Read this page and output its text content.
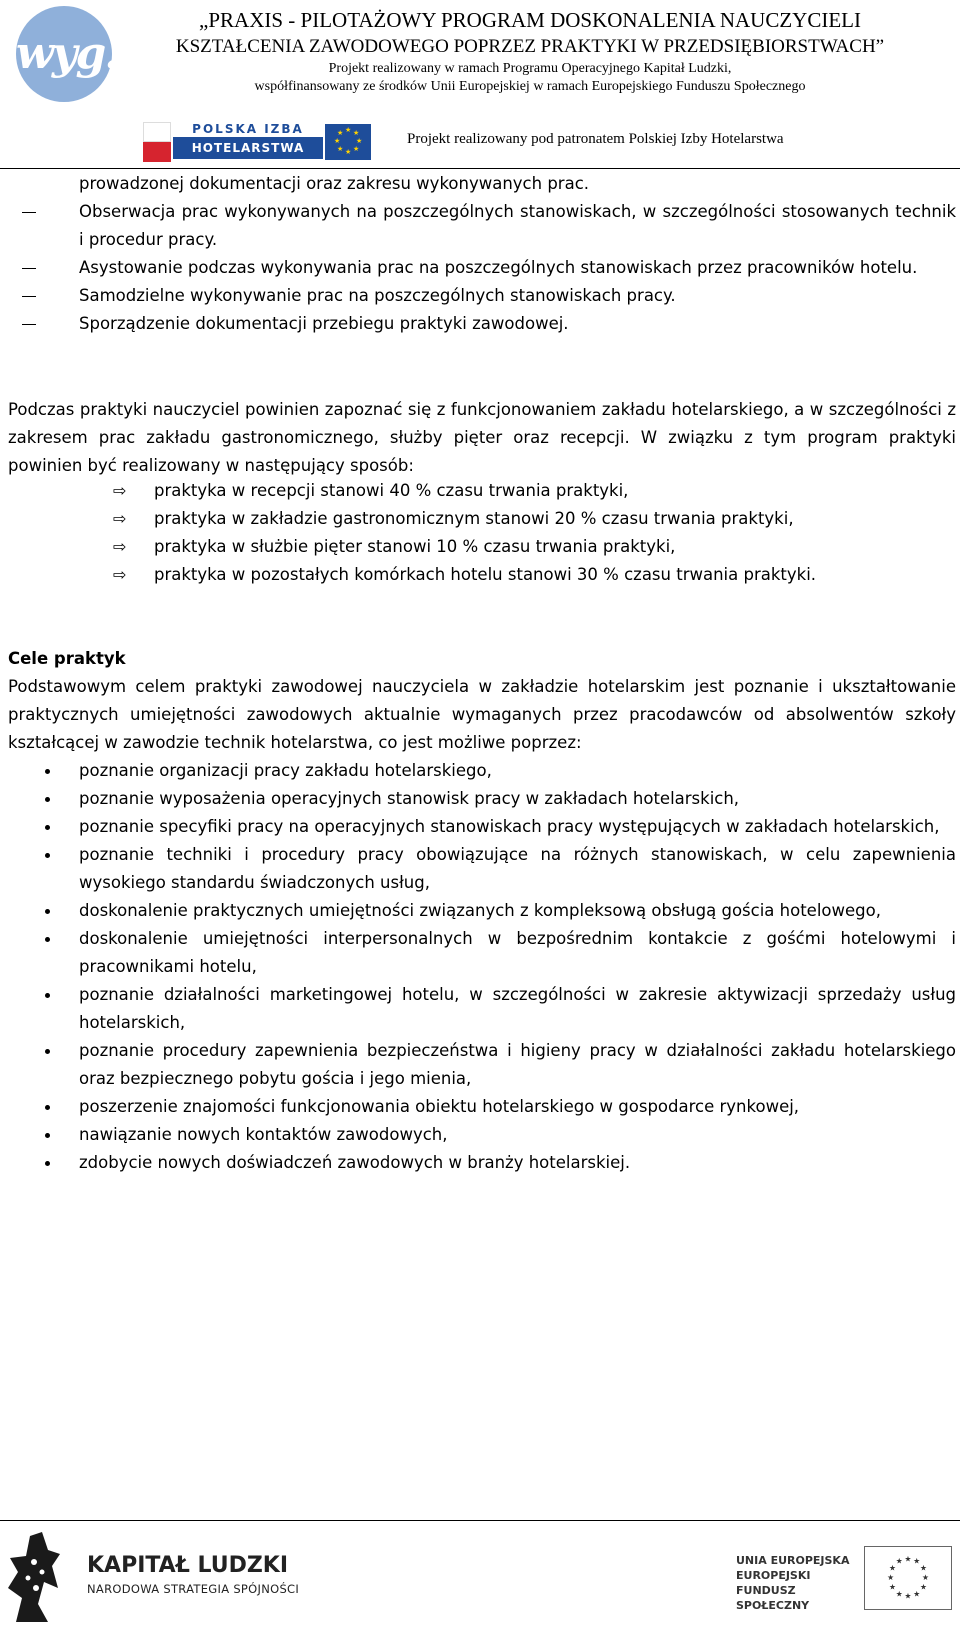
wyg.
„PRAXIS - PILOTAŻOWY PROGRAM DOSKONALENIA NAUCZYCIELI
KSZTAŁCENIA ZAWODOWEGO POPRZEZ PRAKTYKI W PRZEDSIĘBIORSTWACH”
Projekt realizowany w ramach Programu Operacyjnego Kapitał Ludzki,
współfinansowany ze środków Unii Europejskiej w ramach Europejskiego Funduszu Społecznego
POLSKA IZBA
HOTELARSTWA
★ ★
★
★
★
★
★
★	Projekt realizowany pod patronatem Polskiej Izby Hotelarstwa
prowadzonej dokumentacji oraz zakresu wykonywanych prac.
Obserwacja prac wykonywanych na poszczególnych stanowiskach, w szczególności stosowanych technik i procedur pracy.
Asystowanie podczas wykonywania prac na poszczególnych stanowiskach przez pracowników hotelu.
Samodzielne wykonywanie prac na poszczególnych stanowiskach pracy.
Sporządzenie dokumentacji przebiegu praktyki zawodowej.

Podczas praktyki nauczyciel powinien zapoznać się z funkcjonowaniem zakładu hotelarskiego, a w szczególności z zakresem prac zakładu gastronomicznego, służby pięter oraz recepcji. W związku z tym program praktyki powinien być realizowany w następujący sposób:

⇨ praktyka w recepcji stanowi 40 % czasu trwania praktyki,
⇨ praktyka w zakładzie gastronomicznym stanowi 20 % czasu trwania praktyki,
⇨ praktyka w służbie pięter stanowi 10 % czasu trwania praktyki,
⇨ praktyka w pozostałych komórkach hotelu stanowi 30 % czasu trwania praktyki.
Cele praktyk

Podstawowym celem praktyki zawodowej nauczyciela w zakładzie hotelarskim jest poznanie i ukształtowanie praktycznych umiejętności zawodowych aktualnie wymaganych przez pracodawców od absolwentów szkoły kształcącej w zawodzie technik hotelarstwa, co jest możliwe poprzez:

poznanie organizacji pracy zakładu hotelarskiego,
poznanie wyposażenia operacyjnych stanowisk pracy w zakładach hotelarskich,
poznanie specyfiki pracy na operacyjnych stanowiskach pracy występujących w zakładach hotelarskich,
poznanie techniki i procedury pracy obowiązujące na różnych stanowiskach, w celu zapewnienia wysokiego standardu świadczonych usług,
doskonalenie praktycznych umiejętności związanych z kompleksową obsługą gościa hotelowego,
doskonalenie umiejętności interpersonalnych w bezpośrednim kontakcie z gośćmi hotelowymi i pracownikami hotelu,
poznanie działalności marketingowej hotelu, w szczególności w zakresie aktywizacji sprzedaży usług hotelarskich,
poznanie procedury zapewnienia bezpieczeństwa i higieny pracy w działalności zakładu hotelarskiego oraz bezpiecznego pobytu gościa i jego mienia,
poszerzenie znajomości funkcjonowania obiektu hotelarskiego w gospodarce rynkowej,
nawiązanie nowych kontaktów zawodowych,
zdobycie nowych doświadczeń zawodowych w branży hotelarskiej.
KAPITAŁ LUDZKI
NARODOWA STRATEGIA SPÓJNOŚCI
UNIA EUROPEJSKA
EUROPEJSKI
FUNDUSZ SPOŁECZNY
★ ★
★
★
★
★
★
★
★
★
★
★
